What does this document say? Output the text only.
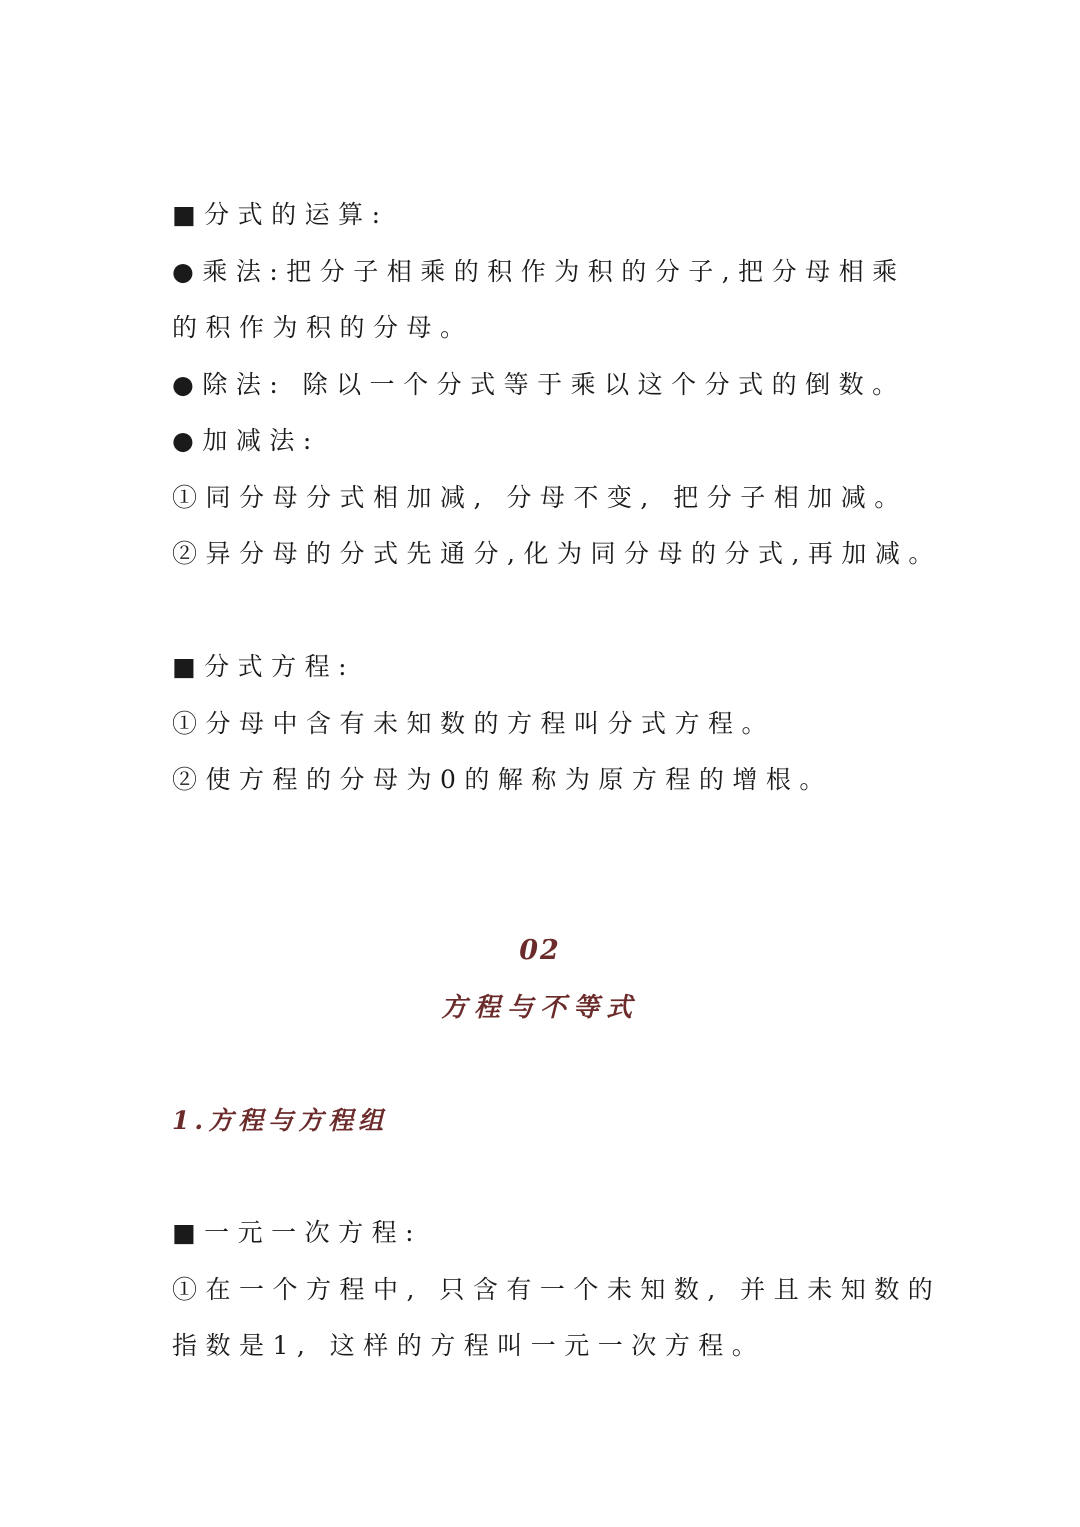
■分式的运算:
●乘法:把分子相乘的积作为积的分子,把分母相乘
的积作为积的分母。
●除法: 除以一个分式等于乘以这个分式的倒数。
●加减法:
①同分母分式相加减, 分母不变, 把分子相加减。
②异分母的分式先通分,化为同分母的分式,再加减。
■分式方程:
①分母中含有未知数的方程叫分式方程。
②使方程的分母为0的解称为原方程的增根。
02
方程与不等式
1.方程与方程组
■一元一次方程:
①在一个方程中, 只含有一个未知数, 并且未知数的
指数是1, 这样的方程叫一元一次方程。
